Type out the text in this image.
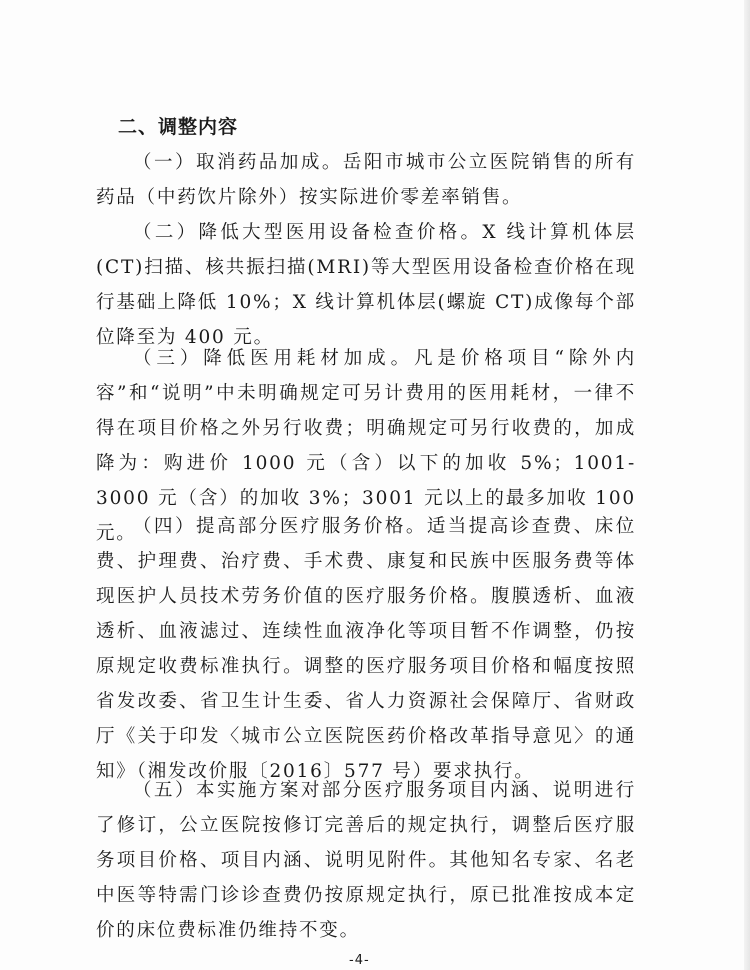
二、调整内容

（一）取消药品加成。岳阳市城市公立医院销售的所有药品（中药饮片除外）按实际进价零差率销售。

（二）降低大型医用设备检查价格。X 线计算机体层(CT)扫描、核共振扫描(MRI)等大型医用设备检查价格在现行基础上降低 10%；X 线计算机体层(螺旋 CT)成像每个部位降至为 400 元。

（三）降低医用耗材加成。凡是价格项目“除外内容”和“说明”中未明确规定可另计费用的医用耗材，一律不得在项目价格之外另行收费；明确规定可另行收费的，加成降为：购进价 1000 元（含）以下的加收 5%；1001-3000 元（含）的加收 3%；3001 元以上的最多加收 100 元。

（四）提高部分医疗服务价格。适当提高诊查费、床位费、护理费、治疗费、手术费、康复和民族中医服务费等体现医护人员技术劳务价值的医疗服务价格。腹膜透析、血液透析、血液滤过、连续性血液净化等项目暂不作调整，仍按原规定收费标准执行。调整的医疗服务项目价格和幅度按照省发改委、省卫生计生委、省人力资源社会保障厅、省财政厅《关于印发〈城市公立医院医药价格改革指导意见〉的通知》（湘发改价服〔2016〕577 号）要求执行。

（五）本实施方案对部分医疗服务项目内涵、说明进行了修订，公立医院按修订完善后的规定执行，调整后医疗服务项目价格、项目内涵、说明见附件。其他知名专家、名老中医等特需门诊诊查费仍按原规定执行，原已批准按成本定价的床位费标准仍维持不变。

-4-
